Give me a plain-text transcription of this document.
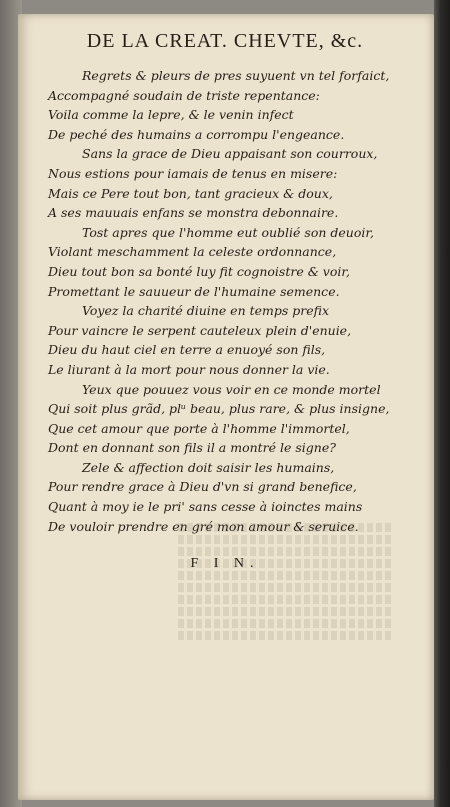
DE LA CREAT. CHEVTE, &c.
Regrets & pleurs de pres suyuent vn tel forfaict,
Accompagné soudain de triste repentance:
Voila comme la lepre, & le venin infect
De peché des humains a corrompu l'engeance.
Sans la grace de Dieu appaisant son courroux,
Nous estions pour iamais de tenus en misere:
Mais ce Pere tout bon, tant gracieux & doux,
A ses mauuais enfans se monstra debonnaire.
Tost apres que l'homme eut oublié son deuoir,
Violant meschamment la celeste ordonnance,
Dieu tout bon sa bonté luy fit cognoistre & voir,
Promettant le sauueur de l'humaine semence.
Voyez la charité diuine en temps prefix
Pour vaincre le serpent cauteleux plein d'enuie,
Dieu du haut ciel en terre a enuoyé son fils,
Le liurant à la mort pour nous donner la vie.
Yeux que pouuez vous voir en ce monde mortel
Qui soit plus grãd, plᵘ beau, plus rare, & plus insigne,
Que cet amour que porte à l'homme l'immortel,
Dont en donnant son fils il a montré le signe?
Zele & affection doit saisir les humains,
Pour rendre grace à Dieu d'vn si grand benefice,
Quant à moy ie le pri' sans cesse à ioinctes mains
De vouloir prendre en gré mon amour & seruice.
F I N.
